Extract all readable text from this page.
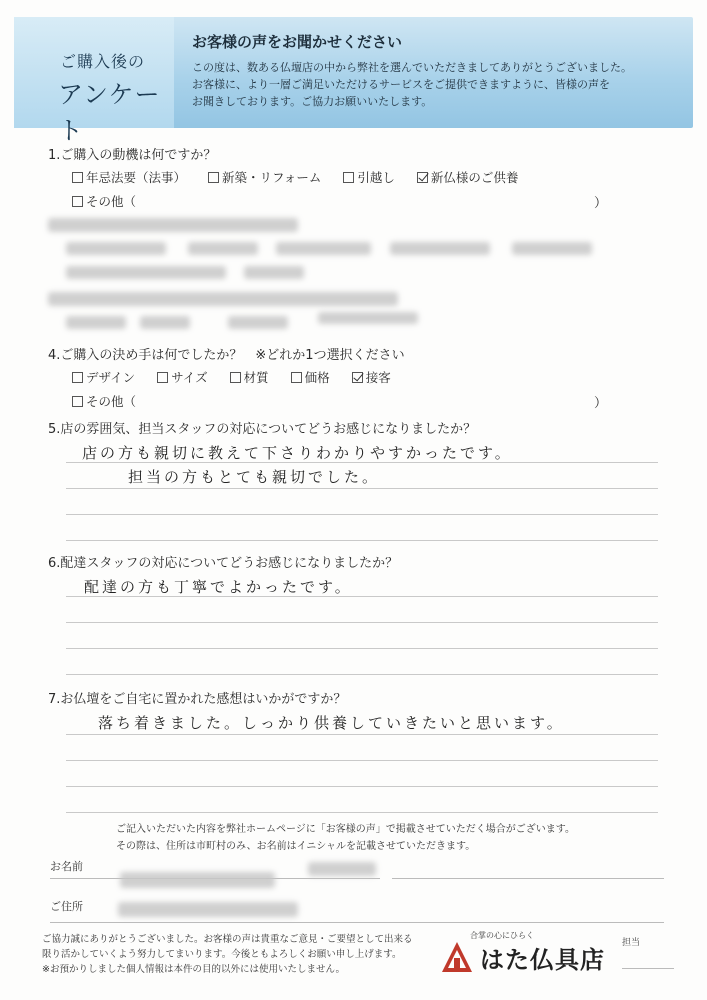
ご購入後の
アンケート
お客様の声をお聞かせください
この度は、数ある仏壇店の中から弊社を選んでいただきましてありがとうございました。
お客様に、より一層ご満足いただけるサービスをご提供できますように、皆様の声を
お聞きしております。ご協力お願いいたします。
1.ご購入の動機は何ですか？
年忌法要（法事）	新築・リフォーム	引越し	新仏様のご供養
その他（	）
4.ご購入の決め手は何でしたか？　※どれか1つ選択ください
デザイン	サイズ	材質	価格	接客
その他（	）
5.店の雰囲気、担当スタッフの対応についてどうお感じになりましたか？
店の方も親切に教えて下さりわかりやすかったです。
担当の方もとても親切でした。
6.配達スタッフの対応についてどうお感じになりましたか？
配達の方も丁寧でよかったです。
7.お仏壇をご自宅に置かれた感想はいかがですか？
落ち着きました。しっかり供養していきたいと思います。
ご記入いただいた内容を弊社ホームページに「お客様の声」で掲載させていただく場合がございます。
その際は、住所は市町村のみ、お名前はイニシャルを記載させていただきます。
お名前
ご住所
ご協力誠にありがとうございました。お客様の声は貴重なご意見・ご要望として出来る
限り活かしていくよう努力してまいります。今後ともよろしくお願い申し上げます。
※お預かりしました個人情報は本件の目的以外には使用いたしません。
合掌の心にひらく
はた仏具店
担当
